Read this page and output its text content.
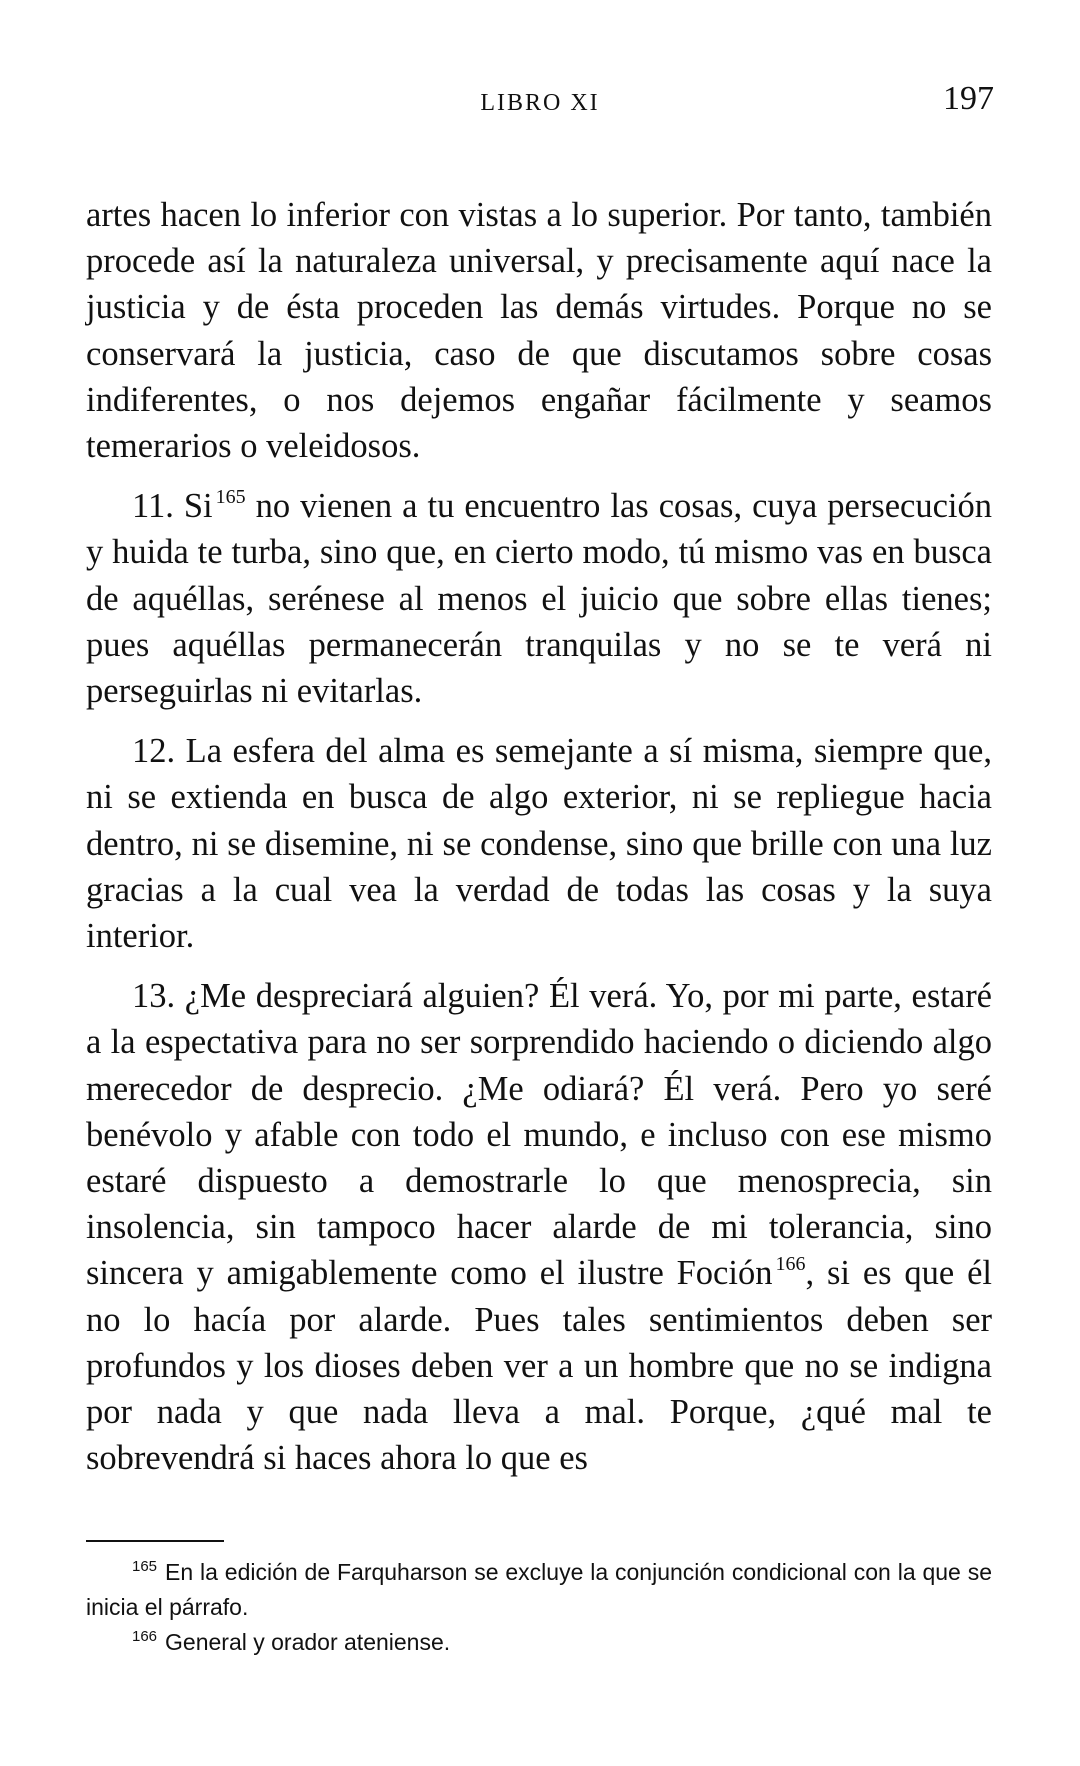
LIBRO XI	197

artes hacen lo inferior con vistas a lo superior. Por tanto, también procede así la naturaleza universal, y precisamente aquí nace la justicia y de ésta proceden las demás virtudes. Porque no se conservará la justicia, caso de que discutamos sobre cosas indiferentes, o nos dejemos engañar fácilmente y seamos temerarios o veleidosos.

11. Si $^{165}$ no vienen a tu encuentro las cosas, cuya persecución y huida te turba, sino que, en cierto modo, tú mismo vas en busca de aquéllas, serénese al menos el juicio que sobre ellas tienes; pues aquéllas permanecerán tranquilas y no se te verá ni perseguirlas ni evitarlas.

12. La esfera del alma es semejante a sí misma, siempre que, ni se extienda en busca de algo exterior, ni se repliegue hacia dentro, ni se disemine, ni se condense, sino que brille con una luz gracias a la cual vea la verdad de todas las cosas y la suya interior.

13. ¿Me despreciará alguien? Él verá. Yo, por mi parte, estaré a la espectativa para no ser sorprendido haciendo o diciendo algo merecedor de desprecio. ¿Me odiará? Él verá. Pero yo seré benévolo y afable con todo el mundo, e incluso con ese mismo estaré dispuesto a demostrarle lo que menosprecia, sin insolencia, sin tampoco hacer alarde de mi tolerancia, sino sincera y amigablemente como el ilustre Foción $^{166}$, si es que él no lo hacía por alarde. Pues tales sentimientos deben ser profundos y los dioses deben ver a un hombre que no se indigna por nada y que nada lleva a mal. Porque, ¿qué mal te sobrevendrá si haces ahora lo que es

$^{165}$ En la edición de Farquharson se excluye la conjunción condicional con la que se inicia el párrafo.

$^{166}$ General y orador ateniense.
